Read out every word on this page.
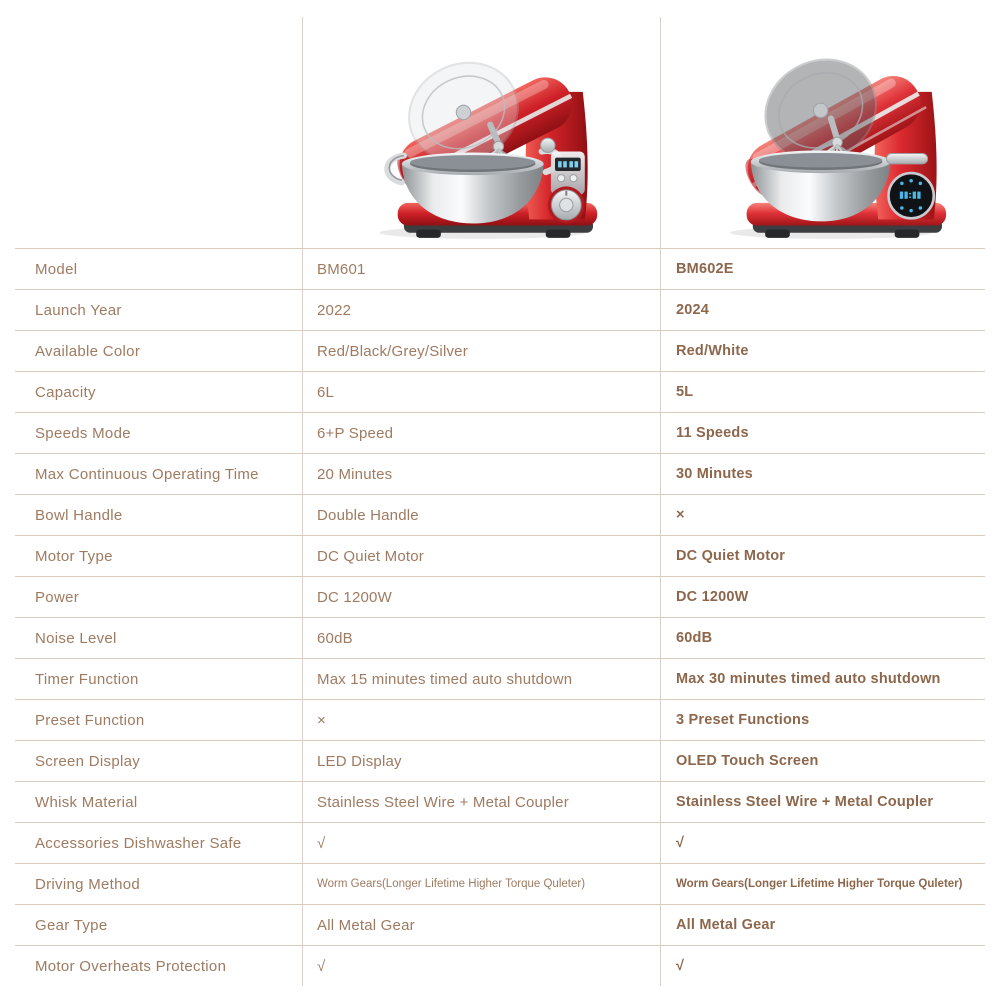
Model	BM601	BM602E
Launch Year	2022	2024
Available Color	Red/Black/Grey/Silver	Red/White
Capacity	6L	5L
Speeds Mode	6+P Speed	11 Speeds
Max Continuous Operating Time	20 Minutes	30 Minutes
Bowl Handle	Double Handle	×
Motor Type	DC Quiet Motor	DC Quiet Motor
Power	DC 1200W	DC 1200W
Noise Level	60dB	60dB
Timer Function	Max 15 minutes timed auto shutdown	Max 30 minutes timed auto shutdown
Preset Function	×	3 Preset Functions
Screen Display	LED Display	OLED Touch Screen
Whisk Material	Stainless Steel Wire + Metal Coupler	Stainless Steel Wire + Metal Coupler
Accessories Dishwasher Safe	√	√
Driving Method	Worm Gears(Longer Lifetime Higher Torque Quleter)	Worm Gears(Longer Lifetime Higher Torque Quleter)
Gear Type	All Metal Gear	All Metal Gear
Motor Overheats Protection	√	√
